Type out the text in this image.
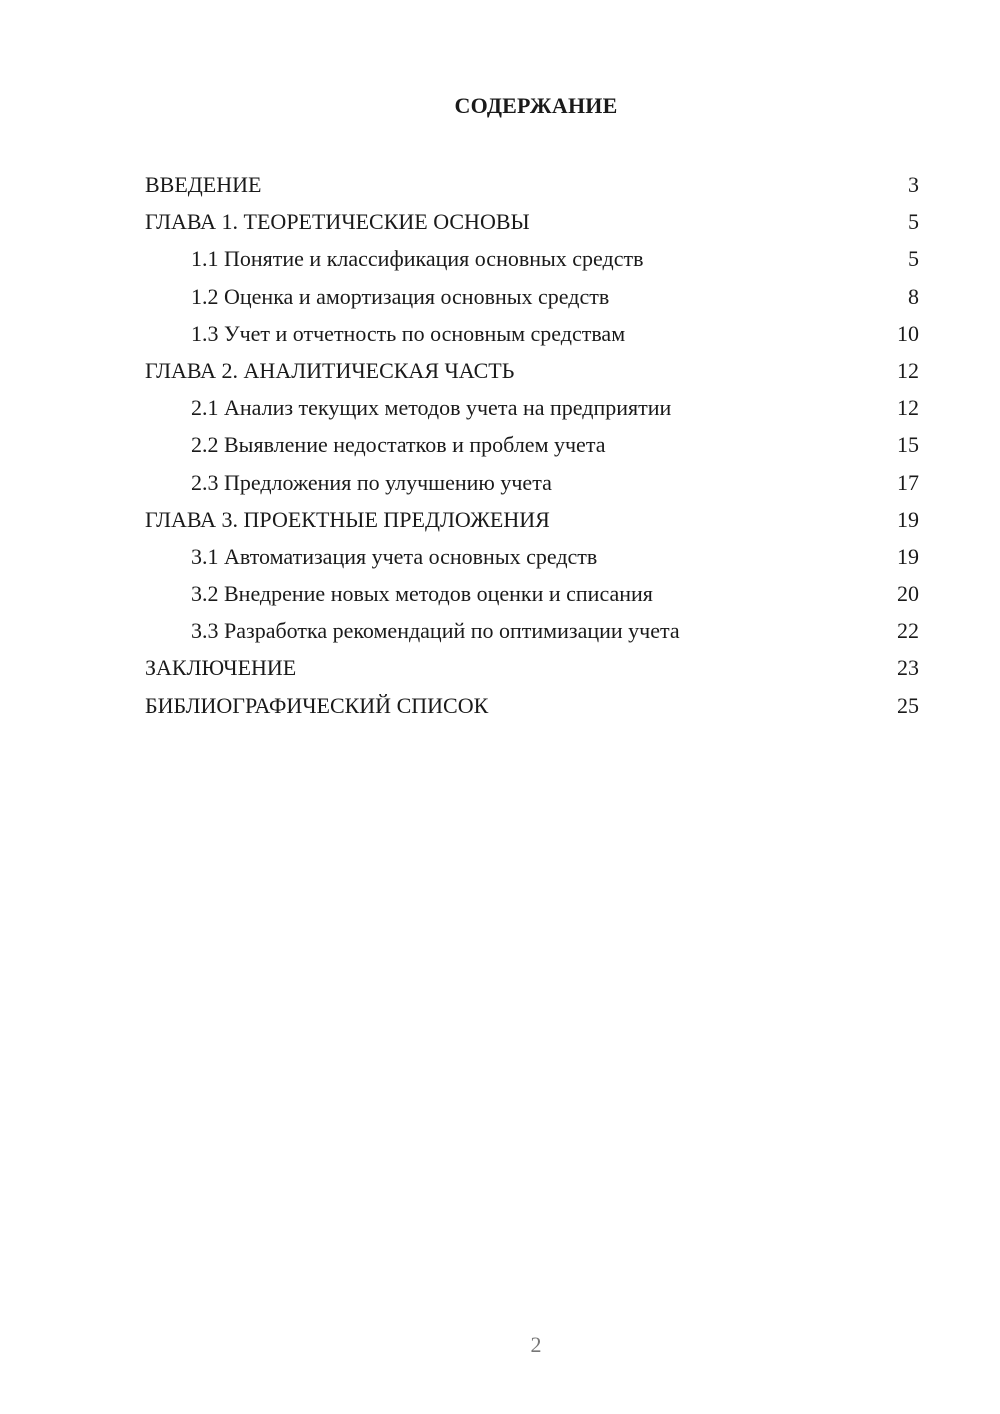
СОДЕРЖАНИЕ
ВВЕДЕНИЕ	3
ГЛАВА 1. ТЕОРЕТИЧЕСКИЕ ОСНОВЫ	5
1.1 Понятие и классификация основных средств	5
1.2 Оценка и амортизация основных средств	8
1.3 Учет и отчетность по основным средствам	10
ГЛАВА 2. АНАЛИТИЧЕСКАЯ ЧАСТЬ	12
2.1 Анализ текущих методов учета на предприятии	12
2.2 Выявление недостатков и проблем учета	15
2.3 Предложения по улучшению учета	17
ГЛАВА 3. ПРОЕКТНЫЕ ПРЕДЛОЖЕНИЯ	19
3.1 Автоматизация учета основных средств	19
3.2 Внедрение новых методов оценки и списания	20
3.3 Разработка рекомендаций по оптимизации учета	22
ЗАКЛЮЧЕНИЕ	23
БИБЛИОГРАФИЧЕСКИЙ СПИСОК	25
2
